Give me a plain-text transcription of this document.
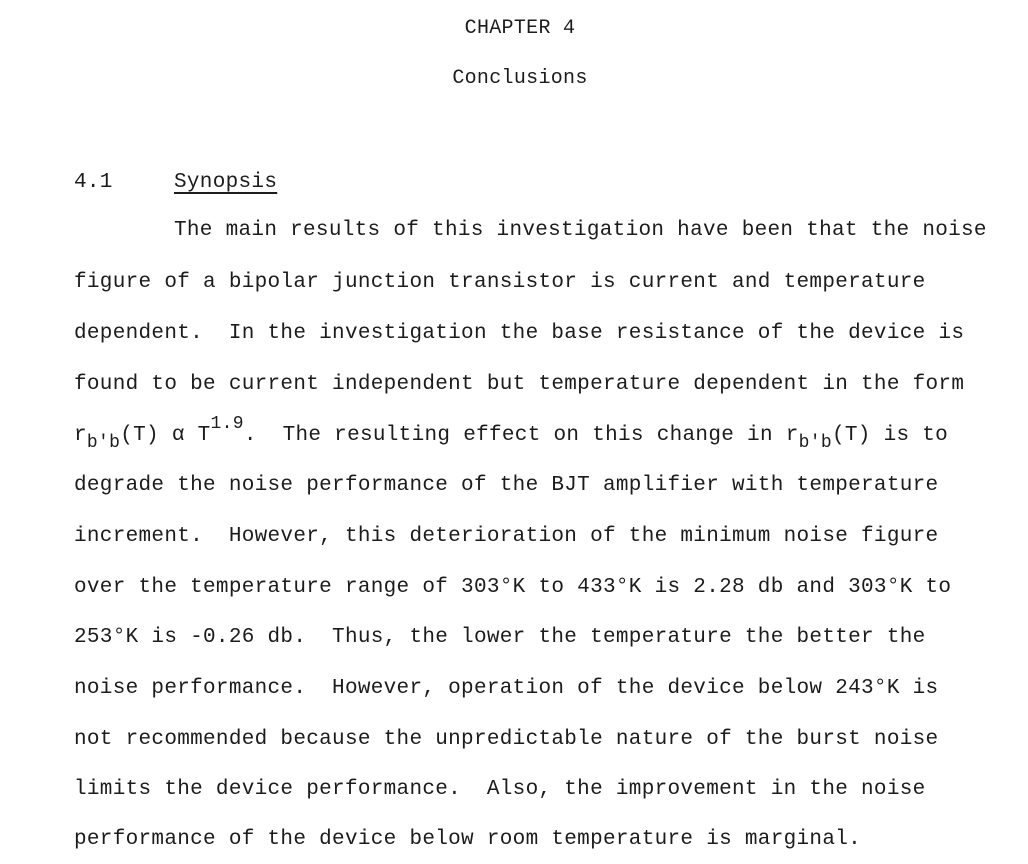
CHAPTER 4
Conclusions
4.1	Synopsis
The main results of this investigation have been that the noise
figure of a bipolar junction transistor is current and temperature
dependent.  In the investigation the base resistance of the device is
found to be current independent but temperature dependent in the form
rb'b(T) α T1.9.  The resulting effect on this change in rb'b(T) is to
degrade the noise performance of the BJT amplifier with temperature
increment.  However, this deterioration of the minimum noise figure
over the temperature range of 303°K to 433°K is 2.28 db and 303°K to
253°K is -0.26 db.  Thus, the lower the temperature the better the
noise performance.  However, operation of the device below 243°K is
not recommended because the unpredictable nature of the burst noise
limits the device performance.  Also, the improvement in the noise
performance of the device below room temperature is marginal.
